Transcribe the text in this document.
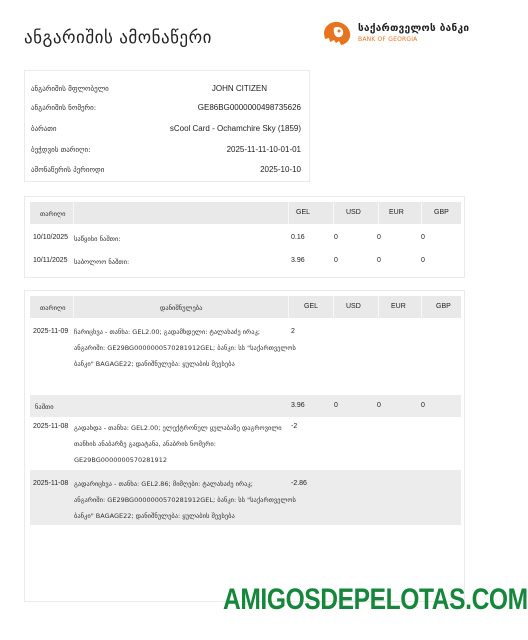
ანგარიშის ამონაწერი	საქართველოს ბანკი
BANK OF GEORGIA
ანგარიშის მფლობელი	JOHN CITIZEN
ანგარიშის ნომერი:	GE86BG0000000498735626
ბარათი	sCool Card - Ochamchire Sky (1859)
ბეჭდვის თარიღი:	2025-11-11-10-01-01
ამონაწერის პერიოდი	2025-10-10
თარიღი	GEL	USD	EUR	GBP
10/10/2025 საწყისი ნაშთი:	0.16	0	0	0
10/11/2025 საბოლოო ნაშთი:	3.96	0	0	0
თარიღი	დანიშნულება	GEL	USD	EUR	GBP
2025-11-09 ჩარიცხვა - თანხა: GEL2.00; გადამხდელი: ტალახაძე ირაკ;
ანგარიში: GE29BG0000000570281912GEL; ბანკი: სს "საქართველოს
ბანკი" BAGAGE22; დანიშნულება: ყულაბის შევსება
2
ნაშთი	3.96	0	0	0
2025-11-08 გადახდა - თანხა: GEL2.00; ელექტრონულ ყულაბაზე დაგროვილი
თანხის ანაბარზე გადატანა, ანაბრის ნომერი:
GE29BG0000000570281912
-2
2025-11-08 გადარიცხვა - თანხა: GEL2.86; მიმღები: ტალახაძე ირაკ;
ანგარიში: GE29BG0000000570281912GEL; ბანკი: სს "საქართველოს
ბანკი" BAGAGE22; დანიშნულება: ყულაბის შევსება
-2.86
AMIGOSDEPELOTAS.COM
